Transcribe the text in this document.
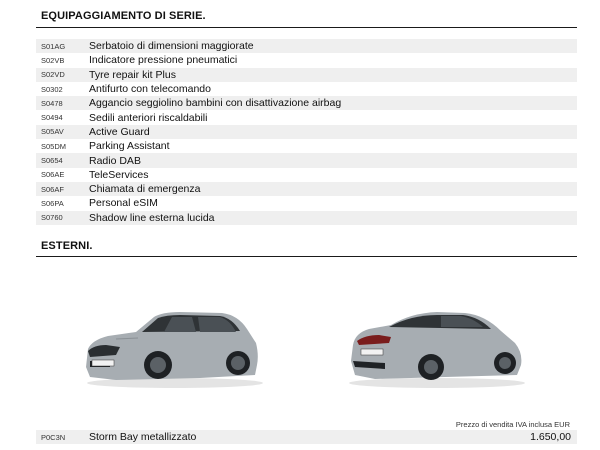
EQUIPAGGIAMENTO DI SERIE.
S01AG	Serbatoio di dimensioni maggiorate
S02VB	Indicatore pressione pneumatici
S02VD	Tyre repair kit Plus
S0302	Antifurto con telecomando
S0478	Aggancio seggiolino bambini con disattivazione airbag
S0494	Sedili anteriori riscaldabili
S05AV	Active Guard
S05DM	Parking Assistant
S0654	Radio DAB
S06AE	TeleServices
S06AF	Chiamata di emergenza
S06PA	Personal eSIM
S0760	Shadow line esterna lucida
ESTERNI.
Prezzo di vendita IVA inclusa EUR
P0C3N	Storm Bay metallizzato	1.650,00
